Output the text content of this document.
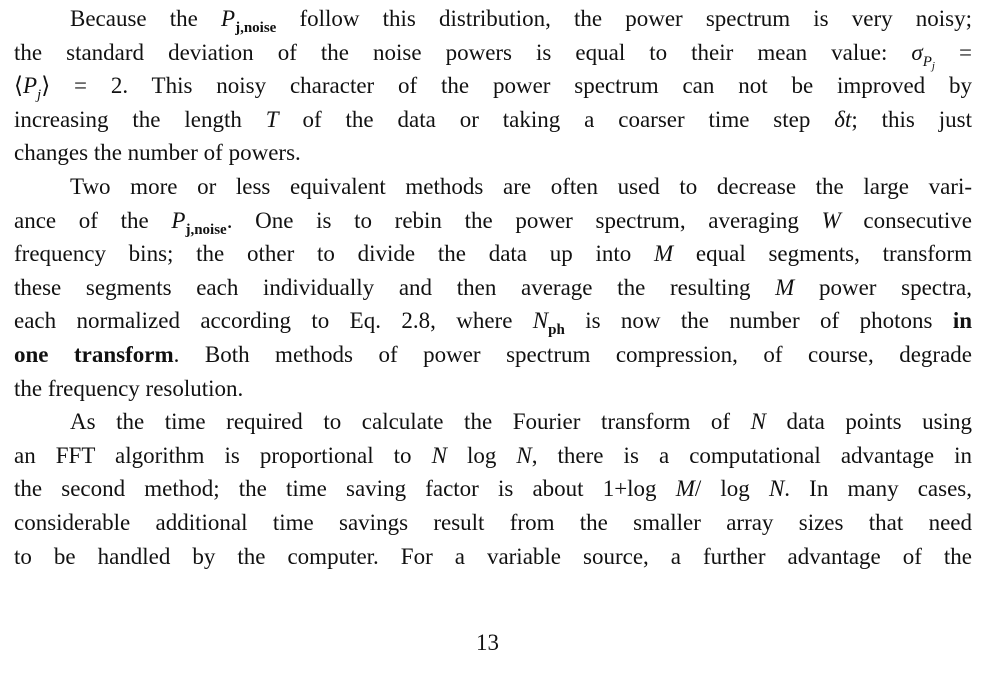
Because the $P_{j,noise}$ follow this distribution, the power spectrum is very noisy;
the standard deviation of the noise powers is equal to their mean value: $\sigma_{Pj}$ =
$⟨P_j⟩ = 2$. This noisy character of the power spectrum can not be improved by
increasing the length T of the data or taking a coarser time step δt; this just
changes the number of powers.
Two more or less equivalent methods are often used to decrease the large vari-
ance of the $P_{j,noise}$. One is to rebin the power spectrum, averaging W consecutive
frequency bins; the other to divide the data up into M equal segments, transform
these segments each individually and then average the resulting M power spectra,
each normalized according to Eq. 2.8, where $N_{ph}$ is now the number of photons in
one transform. Both methods of power spectrum compression, of course, degrade
the frequency resolution.
As the time required to calculate the Fourier transform of N data points using
an FFT algorithm is proportional to N log N, there is a computational advantage in
the second method; the time saving factor is about 1+log M/ log N. In many cases,
considerable additional time savings result from the smaller array sizes that need
to be handled by the computer. For a variable source, a further advantage of the
13
